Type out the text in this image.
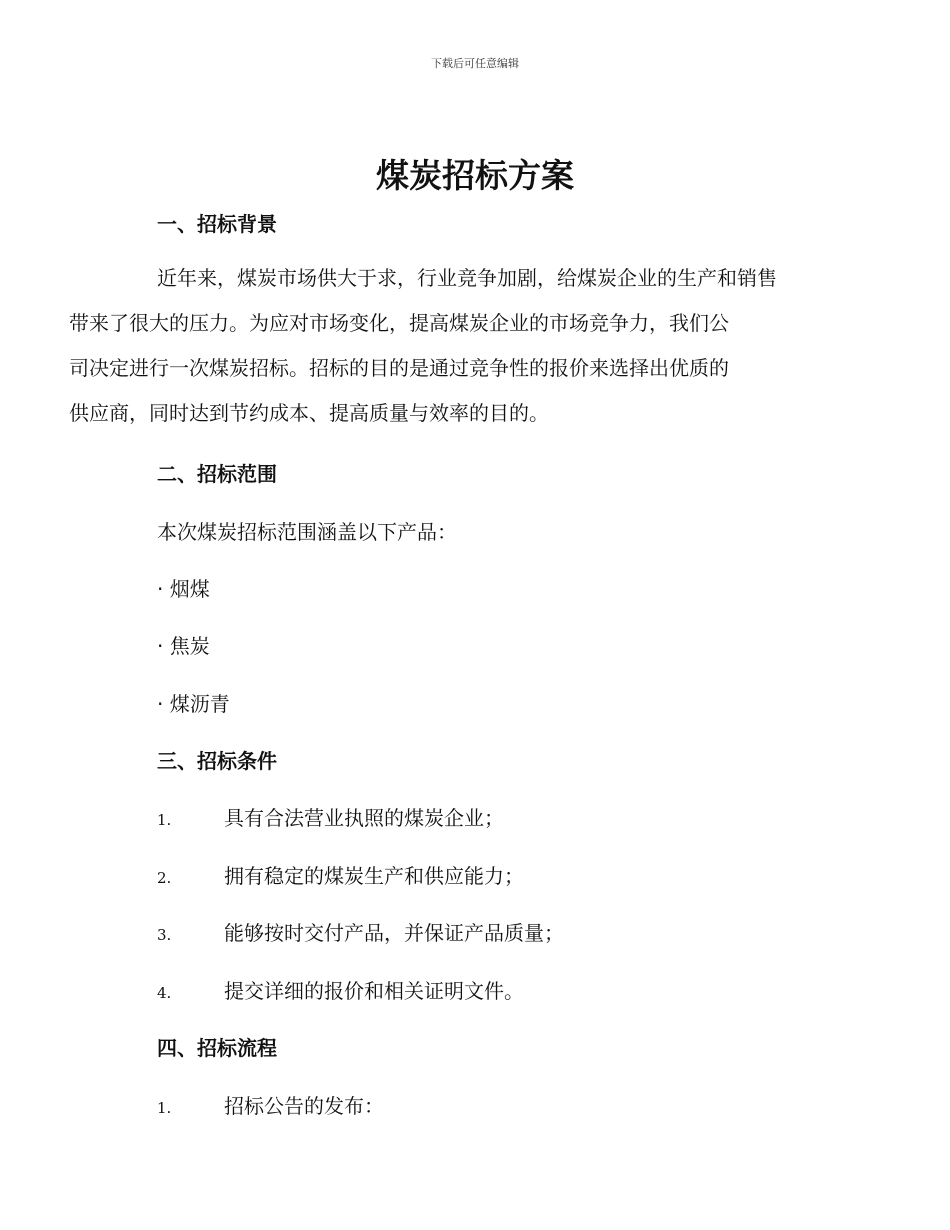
下载后可任意编辑
煤炭招标方案
一、招标背景
近年来，煤炭市场供大于求，行业竞争加剧，给煤炭企业的生产和销售
带来了很大的压力。为应对市场变化，提高煤炭企业的市场竞争力，我们公
司决定进行一次煤炭招标。招标的目的是通过竞争性的报价来选择出优质的
供应商，同时达到节约成本、提高质量与效率的目的。
二、招标范围
本次煤炭招标范围涵盖以下产品：
· 烟煤
· 焦炭
· 煤沥青
三、招标条件
1.	具有合法营业执照的煤炭企业；
2.	拥有稳定的煤炭生产和供应能力；
3.	能够按时交付产品，并保证产品质量；
4.	提交详细的报价和相关证明文件。
四、招标流程
1.	招标公告的发布：
